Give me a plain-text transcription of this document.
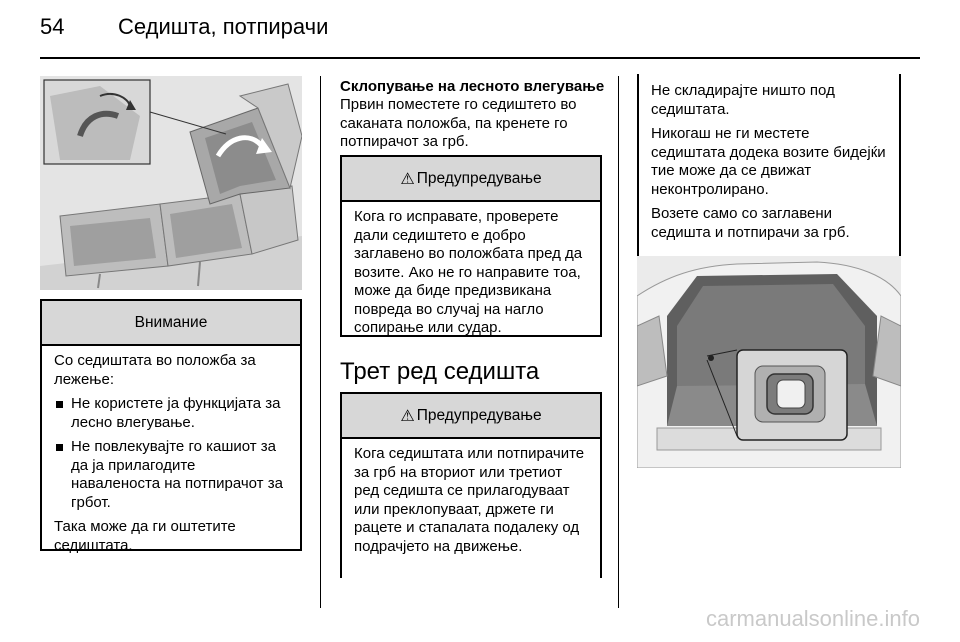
54 Седишта, потпирачи
Внимание

Со седиштата во положба за лежење:

Не користете ја функцијата за лесно влегување.
Не повлекувајте го кашиот за да ја прилагодите наваленоста на потпирачот за грбот.

Така може да ги оштетите седиштата.

Склопување на лесното влегување
Првин поместете го седиштето во саканата положба, па кренете го потпирачот за грб.
⚠ Предупредување

Кога го исправате, проверете дали седиштето е добро заглавено во положбата пред да возите. Ако не го направите тоа, може да биде предизвикана повреда во случај на нагло сопирање или судар.

Трет ред седишта
⚠ Предупредување

Кога седиштата или потпирачите за грб на вториот или третиот ред седишта се прилагодуваат или преклопуваат, држете ги рацете и стапалата подалеку од подрачјето на движење.

Не складирајте ништо под седиштата.

Никогаш не ги местете седиштата додека возите бидејќи тие може да се движат неконтролирано.

Возете само со заглавени седишта и потпирачи за грб.

carmanualsonline.info
